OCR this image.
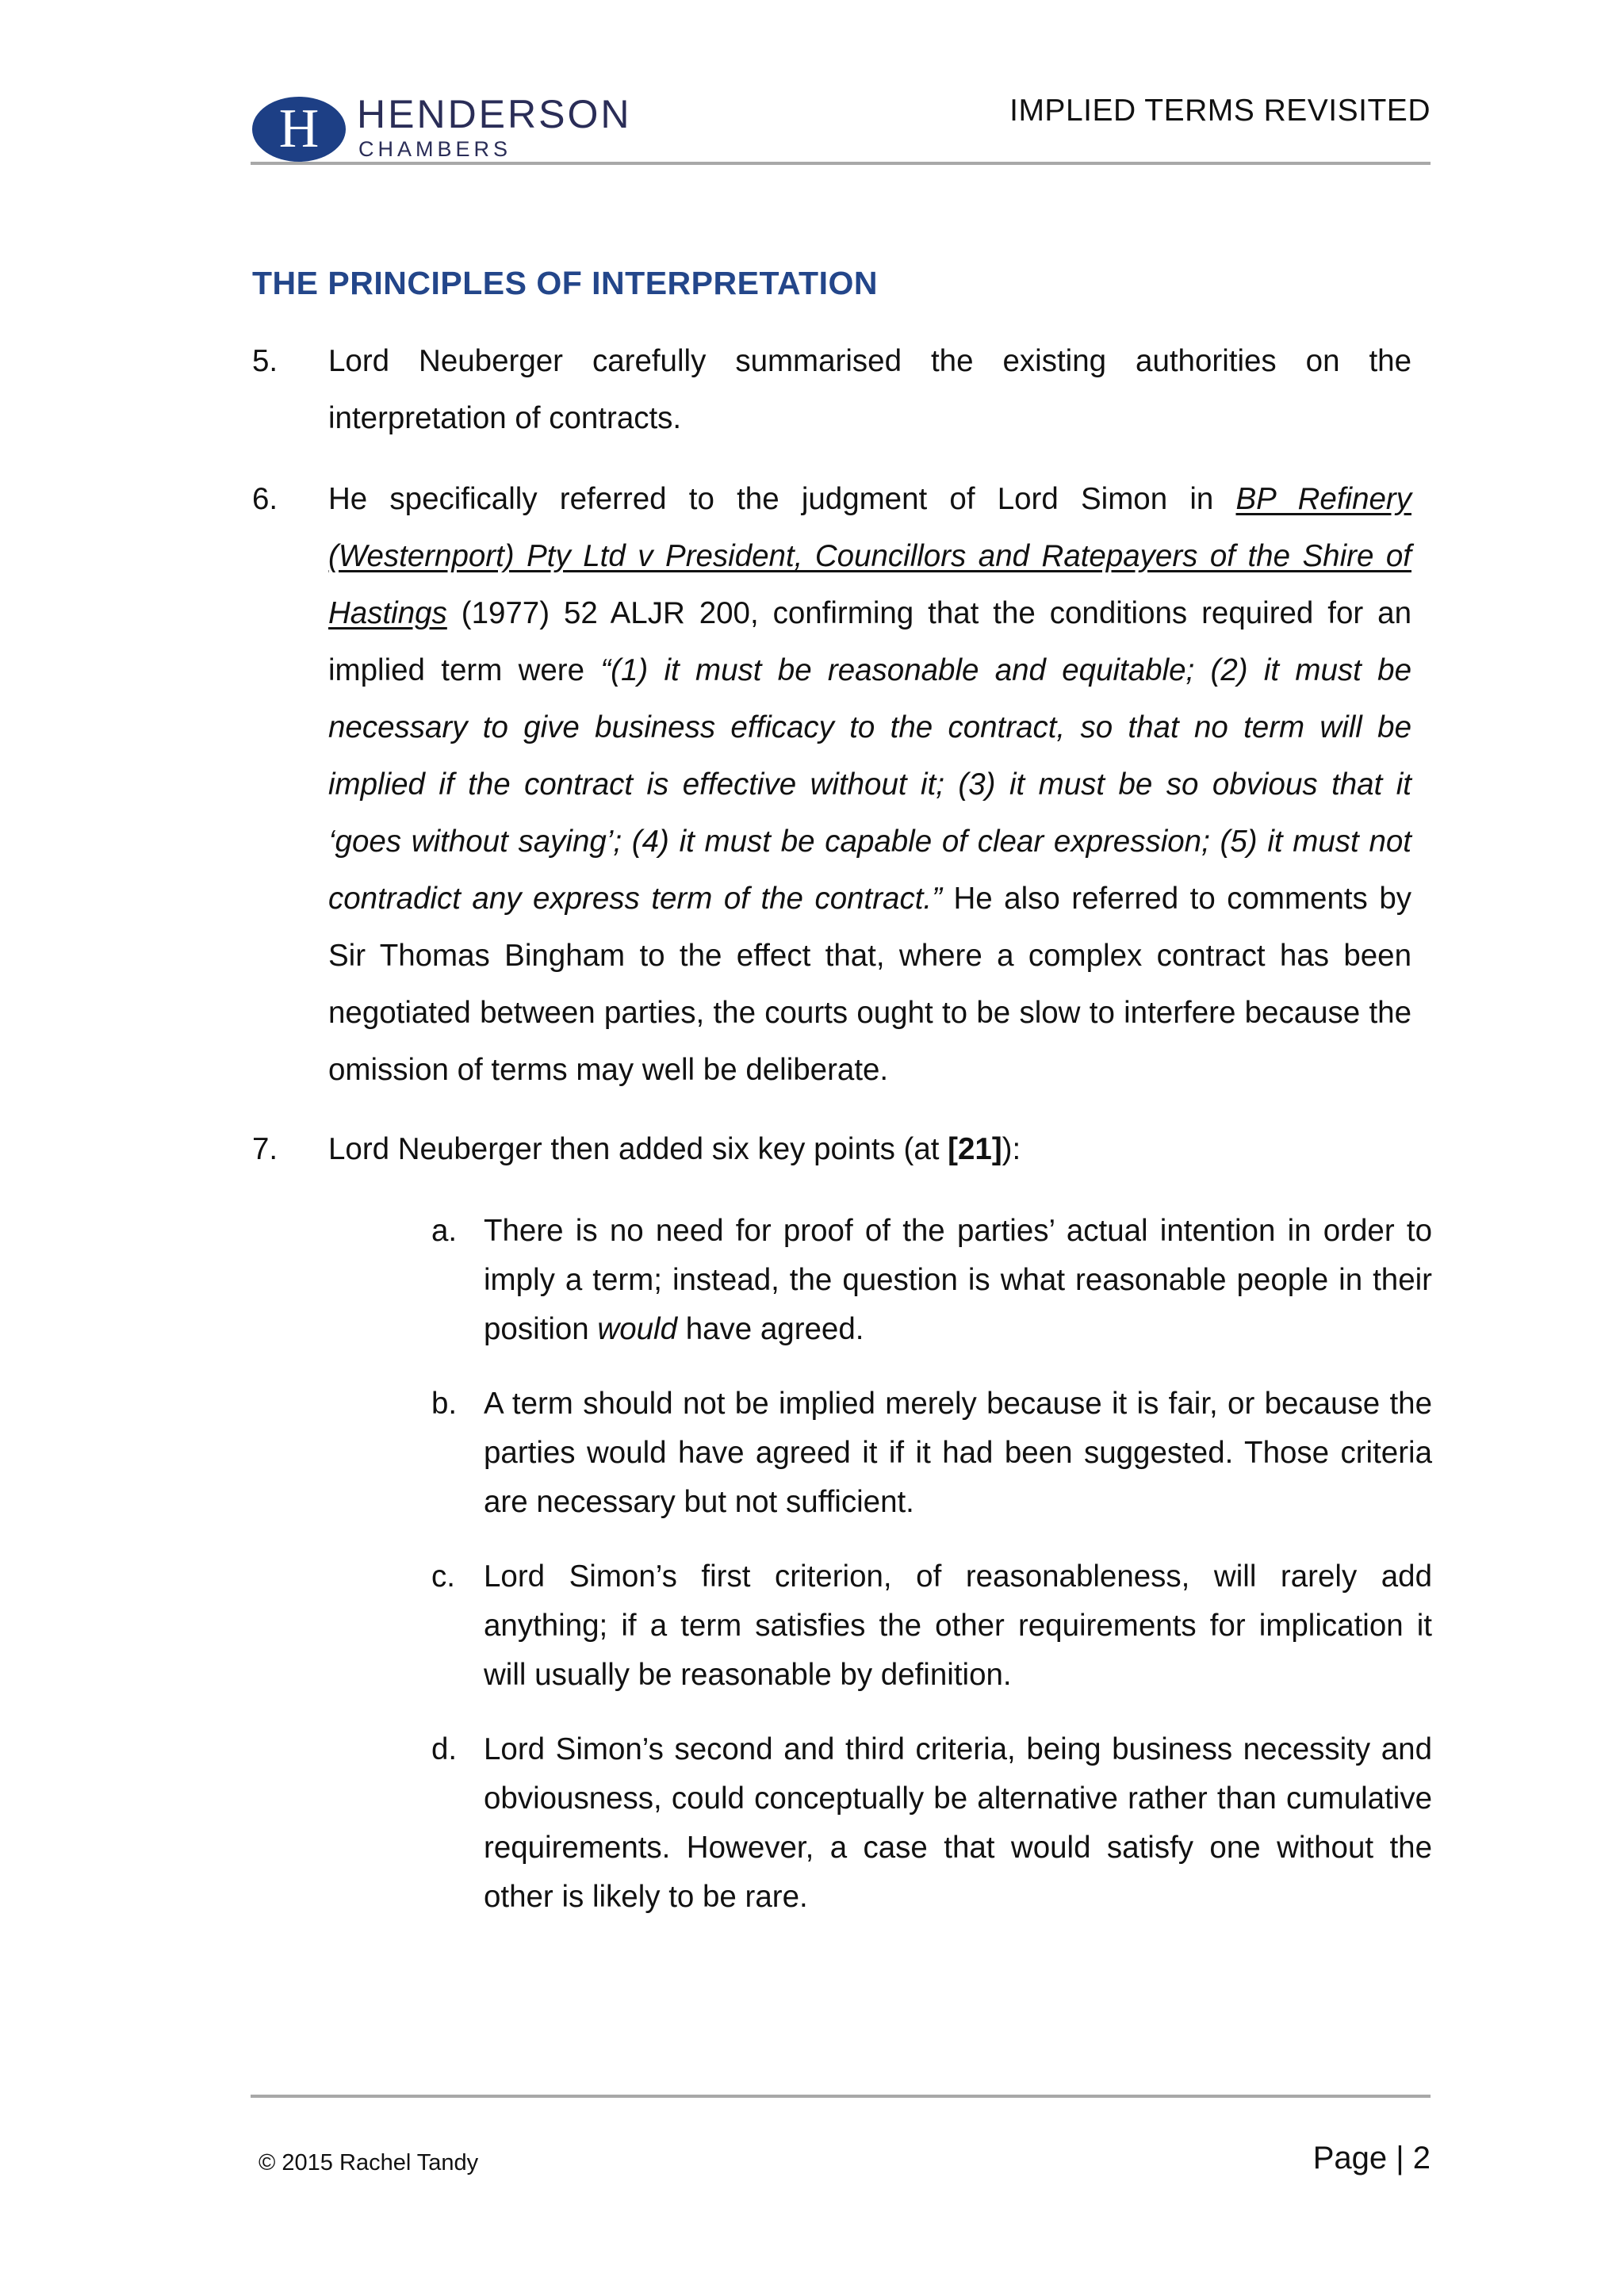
H HENDERSON
CHAMBERS
IMPLIED TERMS REVISITED
THE PRINCIPLES OF INTERPRETATION
5. Lord Neuberger carefully summarised the existing authorities on the interpretation of contracts.
6. He specifically referred to the judgment of Lord Simon in BP Refinery (Westernport) Pty Ltd v President, Councillors and Ratepayers of the Shire of Hastings (1977) 52 ALJR 200, confirming that the conditions required for an implied term were “(1) it must be reasonable and equitable; (2) it must be necessary to give business efficacy to the contract, so that no term will be implied if the contract is effective without it; (3) it must be so obvious that it ‘goes without saying’; (4) it must be capable of clear expression; (5) it must not contradict any express term of the contract.” He also referred to comments by Sir Thomas Bingham to the effect that, where a complex contract has been negotiated between parties, the courts ought to be slow to interfere because the omission of terms may well be deliberate.
7. Lord Neuberger then added six key points (at [21]):
a. There is no need for proof of the parties’ actual intention in order to imply a term; instead, the question is what reasonable people in their position would have agreed.
b. A term should not be implied merely because it is fair, or because the parties would have agreed it if it had been suggested. Those criteria are necessary but not sufficient.
c. Lord Simon’s first criterion, of reasonableness, will rarely add anything; if a term satisfies the other requirements for implication it will usually be reasonable by definition.
d. Lord Simon’s second and third criteria, being business necessity and obviousness, could conceptually be alternative rather than cumulative requirements. However, a case that would satisfy one without the other is likely to be rare.
© 2015 Rachel Tandy	Page | 2
